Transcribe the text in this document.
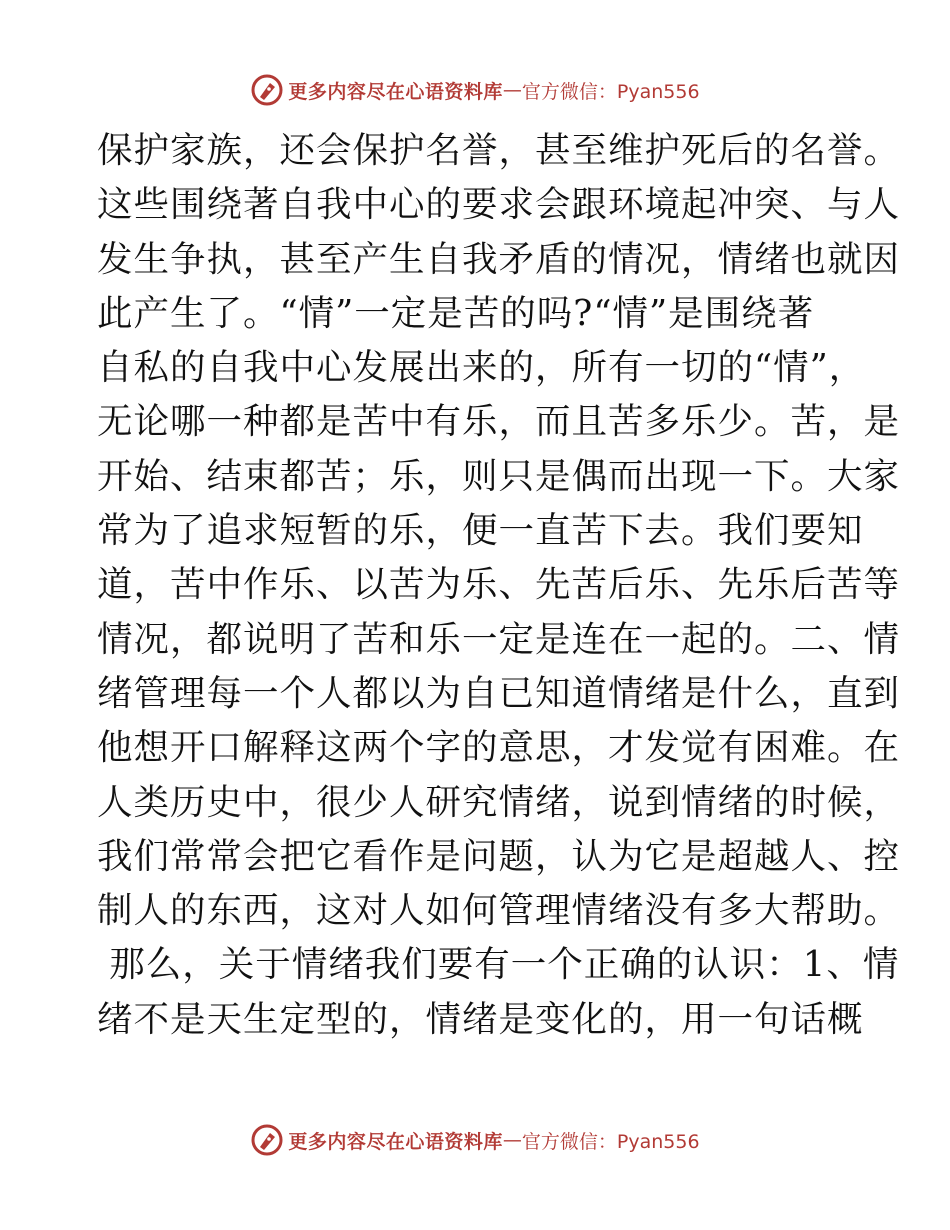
更多内容尽在心语资料库 — 官方微信：Pyan556
保护家族，还会保护名誉，甚至维护死后的名誉。
这些围绕著自我中心的要求会跟环境起冲突、与人
发生争执，甚至产生自我矛盾的情况，情绪也就因
此产生了。“情”一定是苦的吗?“情”是围绕著
自私的自我中心发展出来的，所有一切的“情”，
无论哪一种都是苦中有乐，而且苦多乐少。苦，是
开始、结束都苦；乐，则只是偶而出现一下。大家
常为了追求短暂的乐，便一直苦下去。我们要知
道，苦中作乐、以苦为乐、先苦后乐、先乐后苦等
情况，都说明了苦和乐一定是连在一起的。二、情
绪管理每一个人都以为自已知道情绪是什么，直到
他想开口解释这两个字的意思，才发觉有困难。在
人类历史中，很少人研究情绪，说到情绪的时候，
我们常常会把它看作是问题，认为它是超越人、控
制人的东西，这对人如何管理情绪没有多大帮助。
那么，关于情绪我们要有一个正确的认识：1、情
绪不是天生定型的，情绪是变化的，用一句话概
更多内容尽在心语资料库 — 官方微信：Pyan556
